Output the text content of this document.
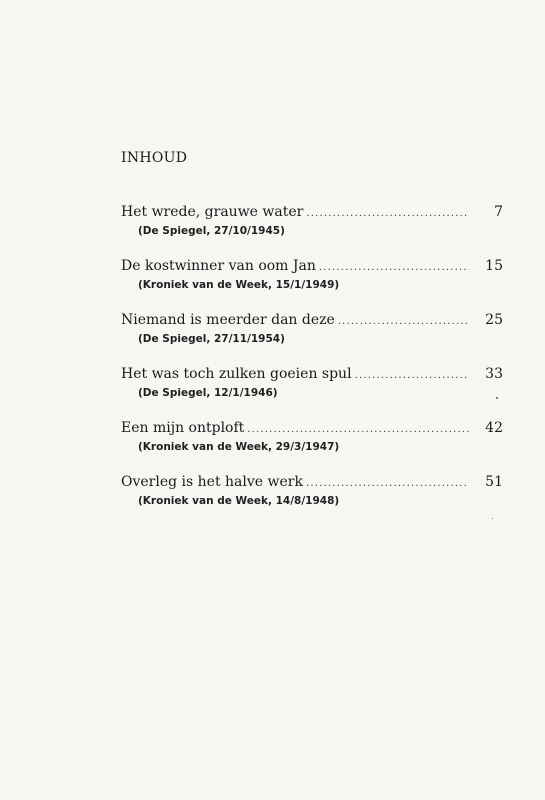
INHOUD
Het wrede, grauwe water .....	7
(De Spiegel, 27/10/1945)
De kostwinner van oom Jan .....	15
(Kroniek van de Week, 15/1/1949)
Niemand is meerder dan deze .....	25
(De Spiegel, 27/11/1954)
Het was toch zulken goeien spul .....	33
(De Spiegel, 12/1/1946)
Een mijn ontploft .....	42
(Kroniek van de Week, 29/3/1947)
Overleg is het halve werk .....	51
(Kroniek van de Week, 14/8/1948)
